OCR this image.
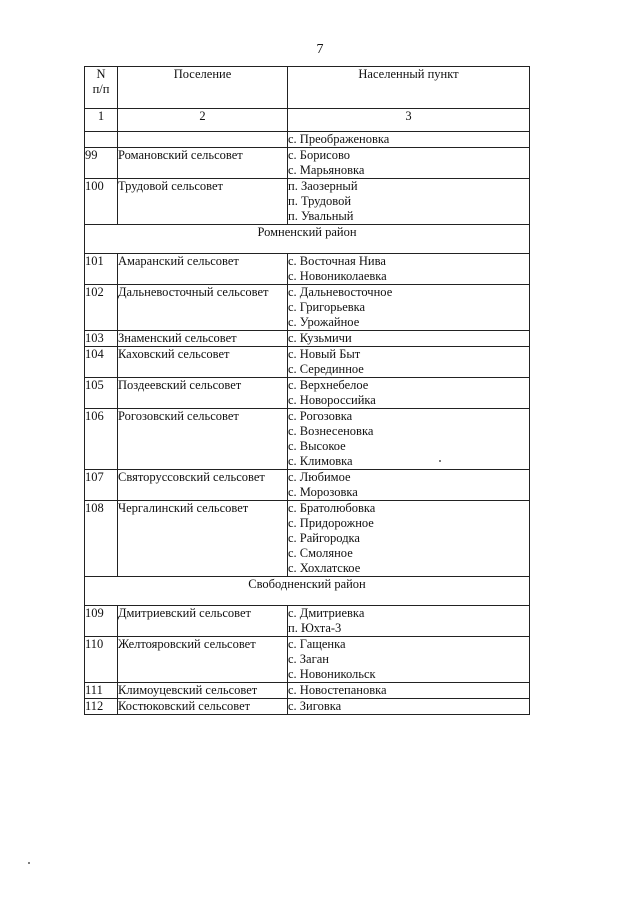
7
N
п/п	Поселение	Населенный пункт
1	2	3

		с. Преображеновка

99	Романовский сельсовет	с. Борисово
с. Марьяновка

100	Трудовой сельсовет	п. Заозерный
п. Трудовой
п. Увальный

Ромненский район		
101	Амаранский сельсовет	с. Восточная Нива
с. Новониколаевка

102	Дальневосточный сельсовет	с. Дальневосточное
с. Григорьевка
с. Урожайное

103	Знаменский сельсовет	с. Кузьмичи

104	Каховский сельсовет	с. Новый Быт
с. Серединное

105	Поздеевский сельсовет	с. Верхнебелое
с. Новороссийка

106	Рогозовский сельсовет	с. Рогозовка
с. Вознесеновка
с. Высокое
с. Климовка

107	Святоруссовский сельсовет	с. Любимое
с. Морозовка

108	Чергалинский сельсовет	с. Братолюбовка
с. Придорожное
с. Райгородка
с. Смоляное
с. Хохлатское

Свободненский район		
109	Дмитриевский сельсовет	с. Дмитриевка
п. Юхта-3

110	Желтояровский сельсовет	с. Гащенка
с. Заган
с. Новоникольск

111	Климоуцевский сельсовет	с. Новостепановка

112	Костюковский сельсовет	с. Зиговка
